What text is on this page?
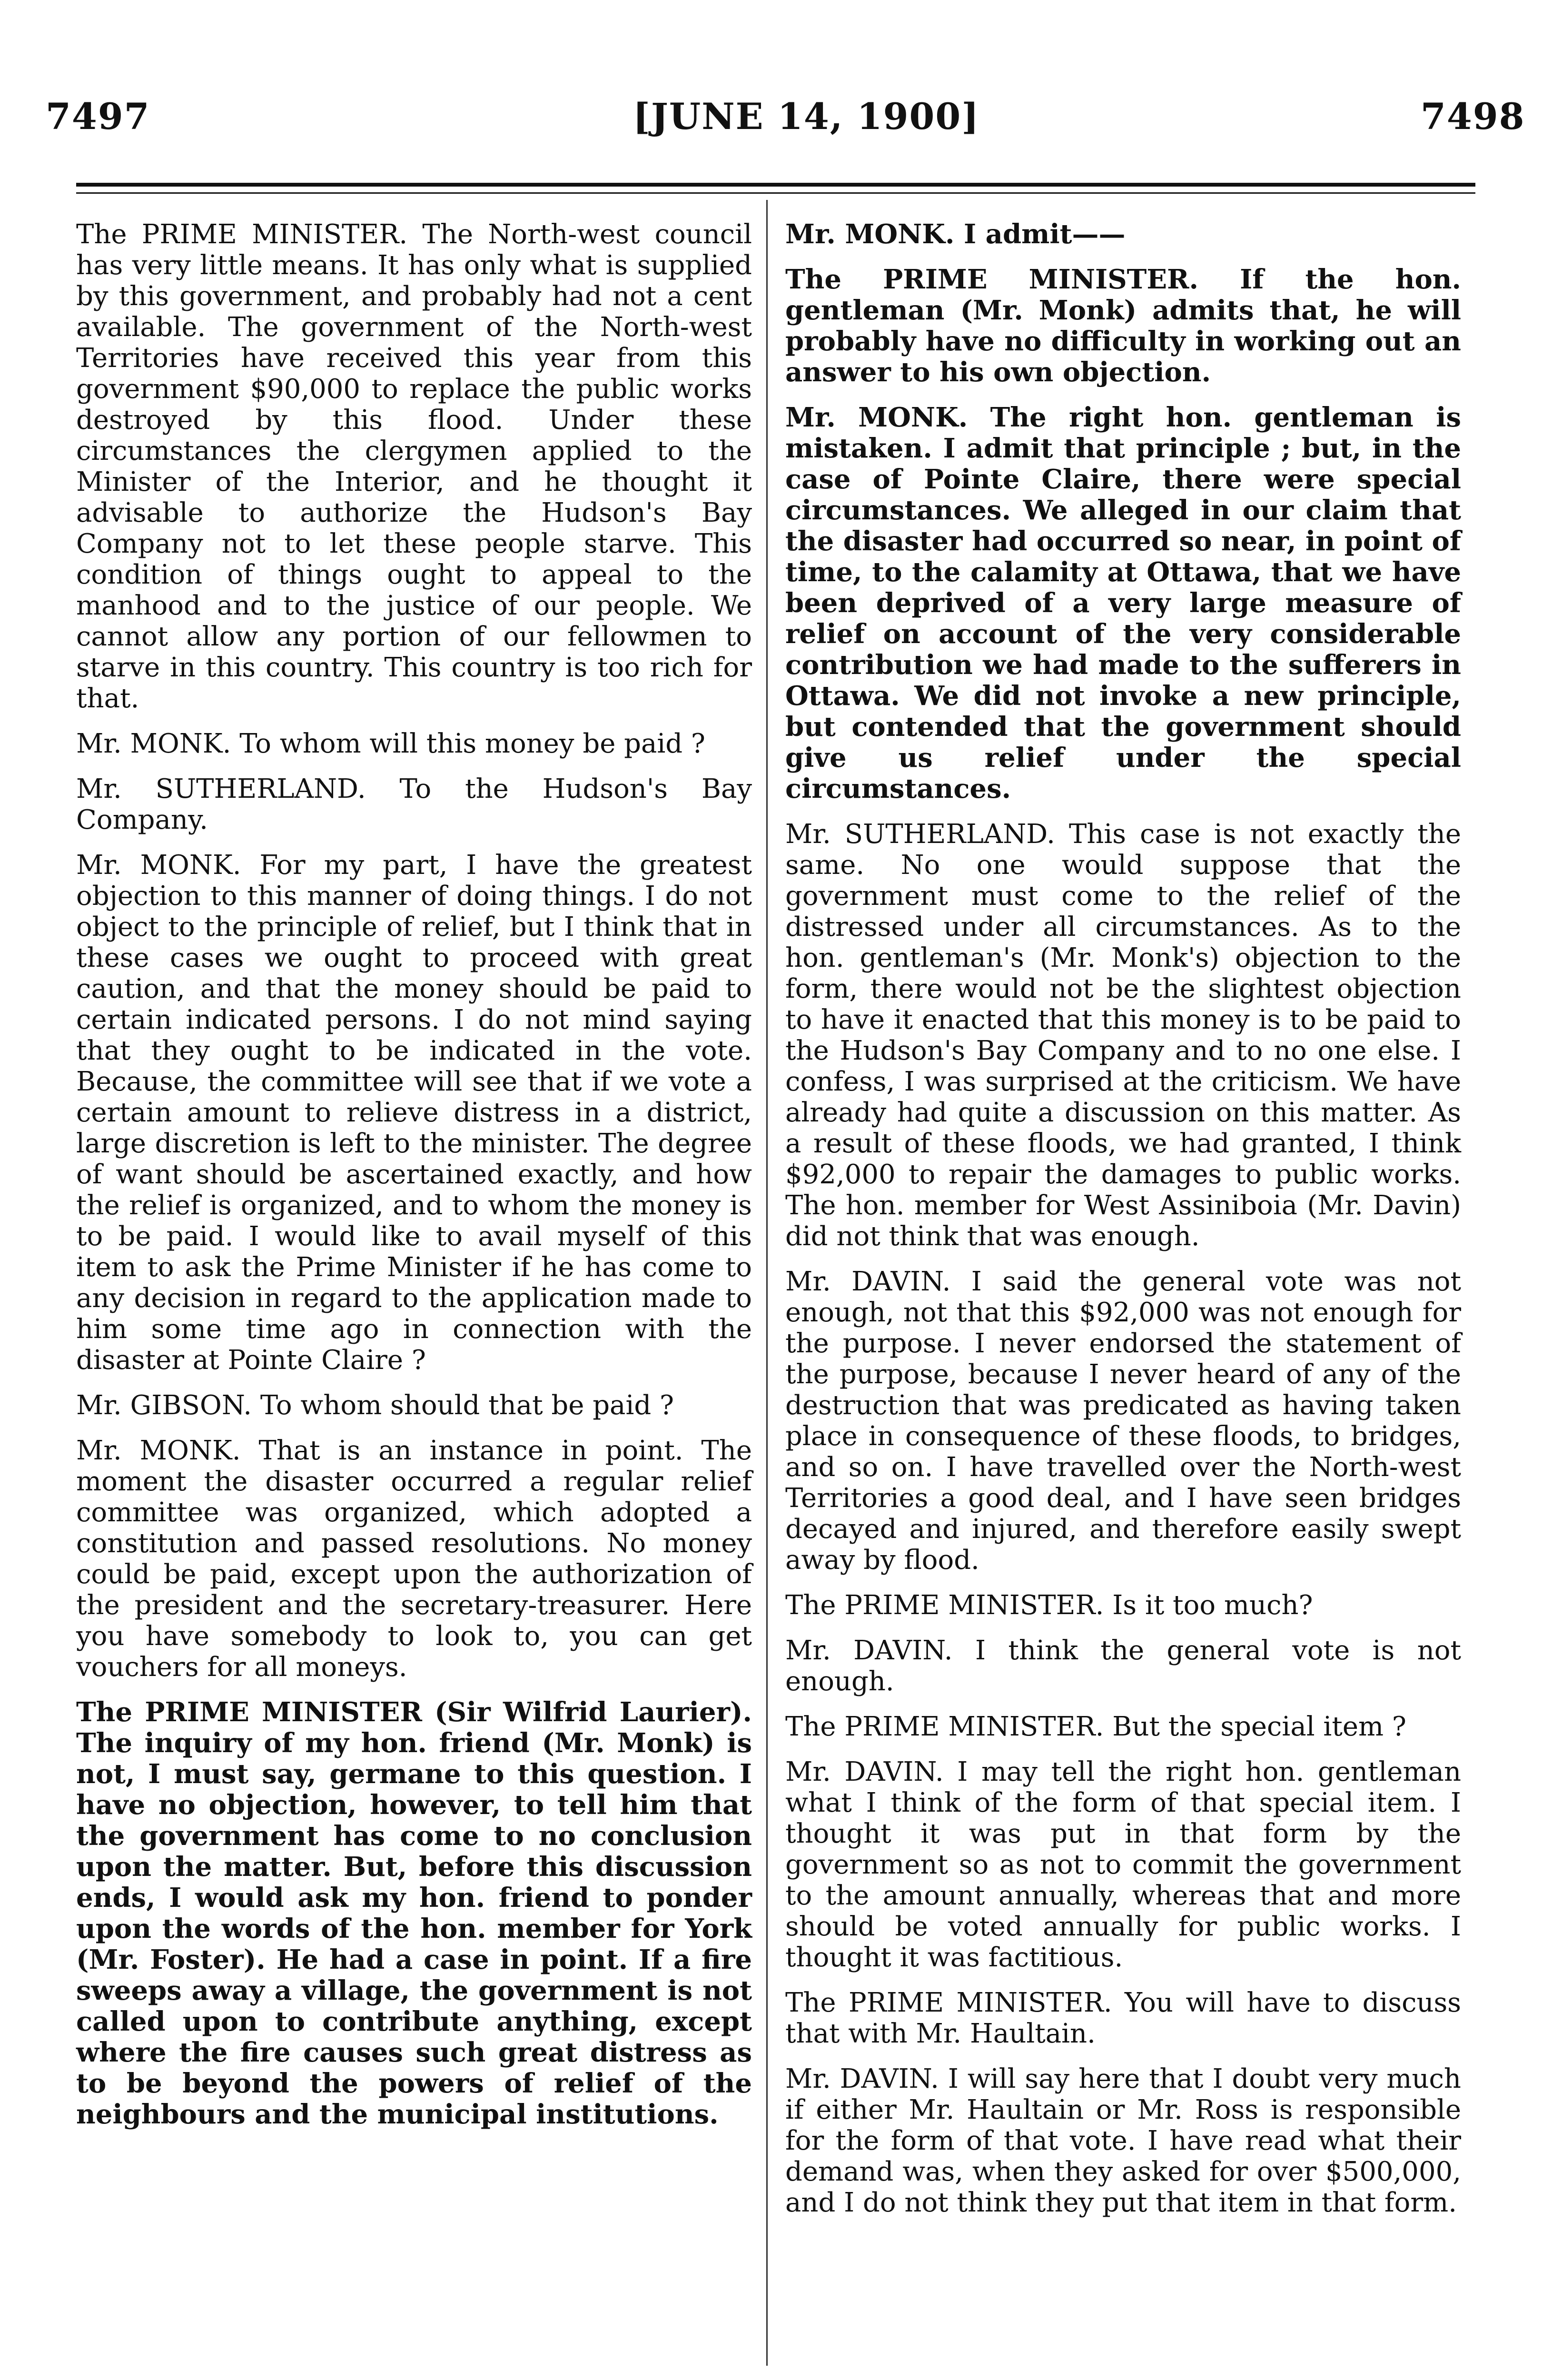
7497	[JUNE 14, 1900]	7498

The PRIME MINISTER. The North-west council has very little means. It has only what is supplied by this government, and probably had not a cent available. The government of the North-west Territories have received this year from this government $90,000 to replace the public works destroyed by this flood. Under these circumstances the clergymen applied to the Minister of the Interior, and he thought it advisable to authorize the Hudson's Bay Company not to let these people starve. This condition of things ought to appeal to the manhood and to the justice of our people. We cannot allow any portion of our fellowmen to starve in this country. This country is too rich for that.

Mr. MONK. To whom will this money be paid ?

Mr. SUTHERLAND. To the Hudson's Bay Company.

Mr. MONK. For my part, I have the greatest objection to this manner of doing things. I do not object to the principle of relief, but I think that in these cases we ought to proceed with great caution, and that the money should be paid to certain indicated persons. I do not mind saying that they ought to be indicated in the vote. Because, the committee will see that if we vote a certain amount to relieve distress in a district, large discretion is left to the minister. The degree of want should be ascertained exactly, and how the relief is organized, and to whom the money is to be paid. I would like to avail myself of this item to ask the Prime Minister if he has come to any decision in regard to the application made to him some time ago in connection with the disaster at Pointe Claire ?

Mr. GIBSON. To whom should that be paid ?

Mr. MONK. That is an instance in point. The moment the disaster occurred a regular relief committee was organized, which adopted a constitution and passed resolutions. No money could be paid, except upon the authorization of the president and the secretary-treasurer. Here you have somebody to look to, you can get vouchers for all moneys.

The PRIME MINISTER (Sir Wilfrid Laurier). The inquiry of my hon. friend (Mr. Monk) is not, I must say, germane to this question. I have no objection, however, to tell him that the government has come to no conclusion upon the matter. But, before this discussion ends, I would ask my hon. friend to ponder upon the words of the hon. member for York (Mr. Foster). He had a case in point. If a fire sweeps away a village, the government is not called upon to contribute anything, except where the fire causes such great distress as to be beyond the powers of relief of the neighbours and the municipal institutions.

Mr. MONK. I admit——

The PRIME MINISTER. If the hon. gentleman (Mr. Monk) admits that, he will probably have no difficulty in working out an answer to his own objection.

Mr. MONK. The right hon. gentleman is mistaken. I admit that principle ; but, in the case of Pointe Claire, there were special circumstances. We alleged in our claim that the disaster had occurred so near, in point of time, to the calamity at Ottawa, that we have been deprived of a very large measure of relief on account of the very considerable contribution we had made to the sufferers in Ottawa. We did not invoke a new principle, but contended that the government should give us relief under the special circumstances.

Mr. SUTHERLAND. This case is not exactly the same. No one would suppose that the government must come to the relief of the distressed under all circumstances. As to the hon. gentleman's (Mr. Monk's) objection to the form, there would not be the slightest objection to have it enacted that this money is to be paid to the Hudson's Bay Company and to no one else. I confess, I was surprised at the criticism. We have already had quite a discussion on this matter. As a result of these floods, we had granted, I think $92,000 to repair the damages to public works. The hon. member for West Assiniboia (Mr. Davin) did not think that was enough.

Mr. DAVIN. I said the general vote was not enough, not that this $92,000 was not enough for the purpose. I never endorsed the statement of the purpose, because I never heard of any of the destruction that was predicated as having taken place in consequence of these floods, to bridges, and so on. I have travelled over the North-west Territories a good deal, and I have seen bridges decayed and injured, and therefore easily swept away by flood.

The PRIME MINISTER. Is it too much?

Mr. DAVIN. I think the general vote is not enough.

The PRIME MINISTER. But the special item ?

Mr. DAVIN. I may tell the right hon. gentleman what I think of the form of that special item. I thought it was put in that form by the government so as not to commit the government to the amount annually, whereas that and more should be voted annually for public works. I thought it was factitious.

The PRIME MINISTER. You will have to discuss that with Mr. Haultain.

Mr. DAVIN. I will say here that I doubt very much if either Mr. Haultain or Mr. Ross is responsible for the form of that vote. I have read what their demand was, when they asked for over $500,000, and I do not think they put that item in that form.
